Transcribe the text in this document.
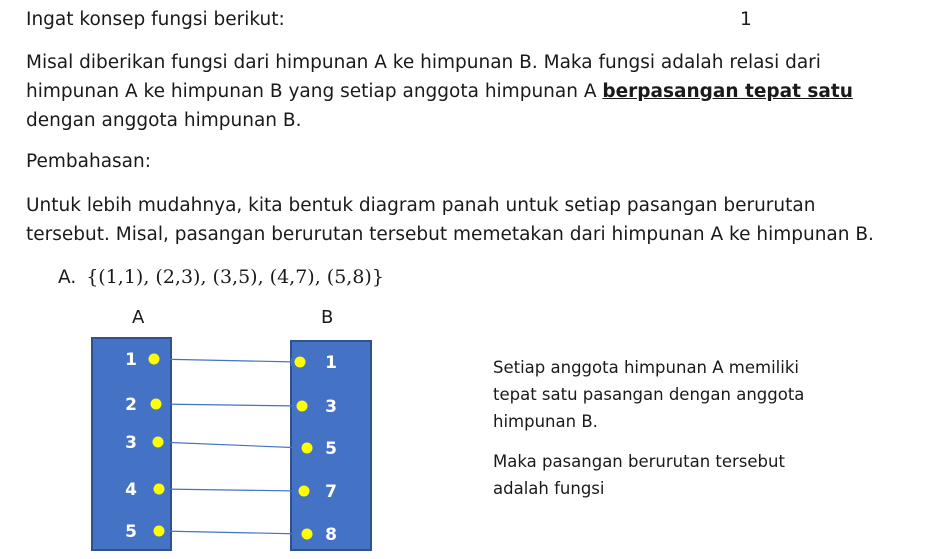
Ingat konsep fungsi berikut:	1
Misal diberikan fungsi dari himpunan A ke himpunan B. Maka fungsi adalah relasi dari
himpunan A ke himpunan B yang setiap anggota himpunan A berpasangan tepat satu
dengan anggota himpunan B.
Pembahasan:
Untuk lebih mudahnya, kita bentuk diagram panah untuk setiap pasangan berurutan
tersebut. Misal, pasangan berurutan tersebut memetakan dari himpunan A ke himpunan B.
A. {(1,1), (2,3), (3,5), (4,7), (5,8)}
A	B
1
2
3
4
5
1
3
5
7
8
Setiap anggota himpunan A memiliki
tepat satu pasangan dengan anggota
himpunan B.
Maka pasangan berurutan tersebut
adalah fungsi
